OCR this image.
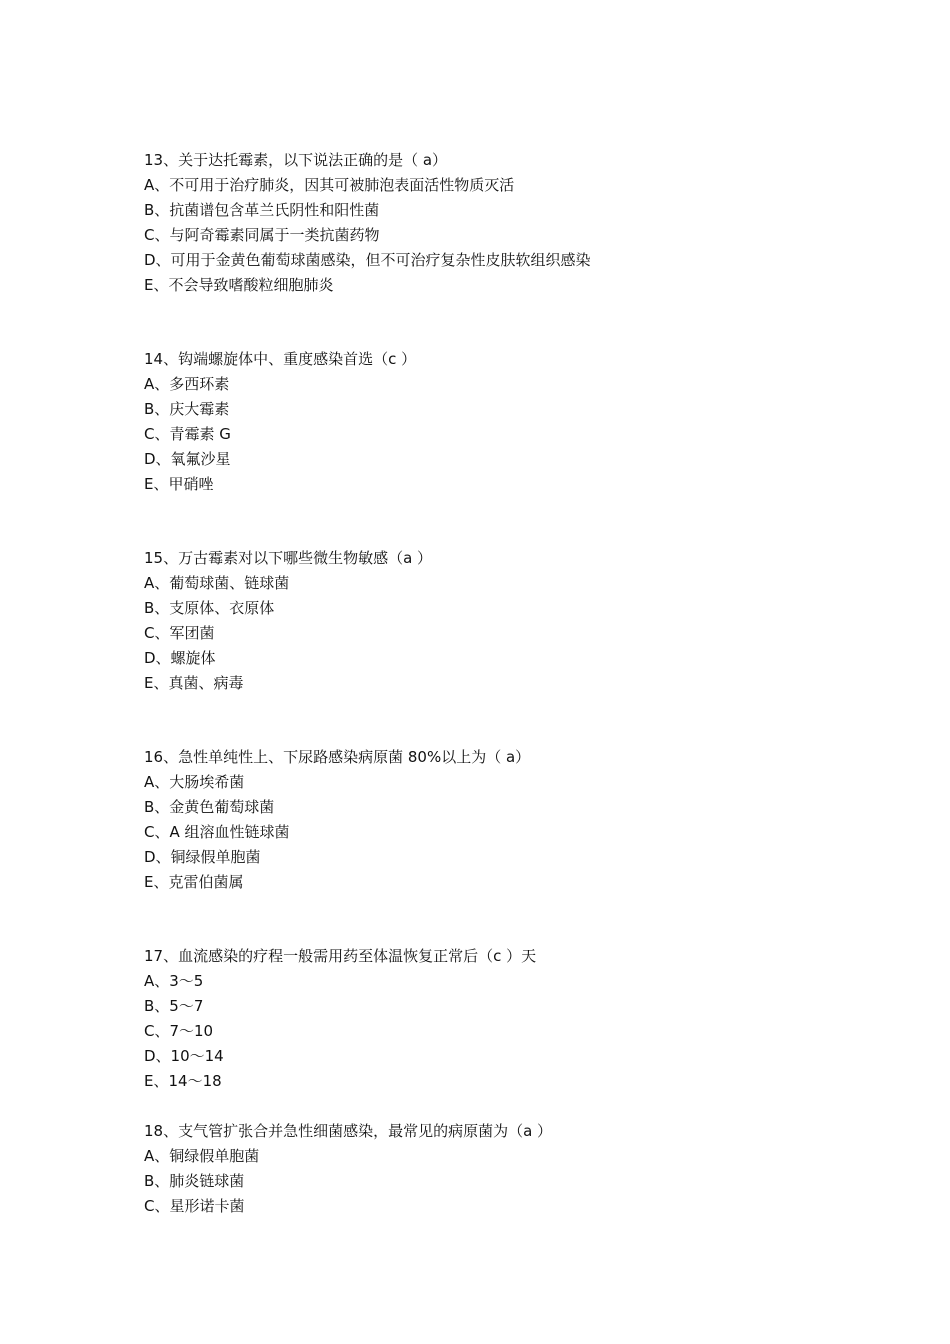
13、关于达托霉素，以下说法正确的是（ a）
A、不可用于治疗肺炎，因其可被肺泡表面活性物质灭活
B、抗菌谱包含革兰氏阴性和阳性菌
C、与阿奇霉素同属于一类抗菌药物
D、可用于金黄色葡萄球菌感染，但不可治疗复杂性皮肤软组织感染
E、不会导致嗜酸粒细胞肺炎
14、钩端螺旋体中、重度感染首选（c ）
A、多西环素
B、庆大霉素
C、青霉素 G
D、氧氟沙星
E、甲硝唑
15、万古霉素对以下哪些微生物敏感（a ）
A、葡萄球菌、链球菌
B、支原体、衣原体
C、军团菌
D、螺旋体
E、真菌、病毒
16、急性单纯性上、下尿路感染病原菌 80%以上为（ a）
A、大肠埃希菌
B、金黄色葡萄球菌
C、A 组溶血性链球菌
D、铜绿假单胞菌
E、克雷伯菌属
17、血流感染的疗程一般需用药至体温恢复正常后（c ）天
A、3～5
B、5～7
C、7～10
D、10～14
E、14～18
18、支气管扩张合并急性细菌感染，最常见的病原菌为（a ）
A、铜绿假单胞菌
B、肺炎链球菌
C、星形诺卡菌
